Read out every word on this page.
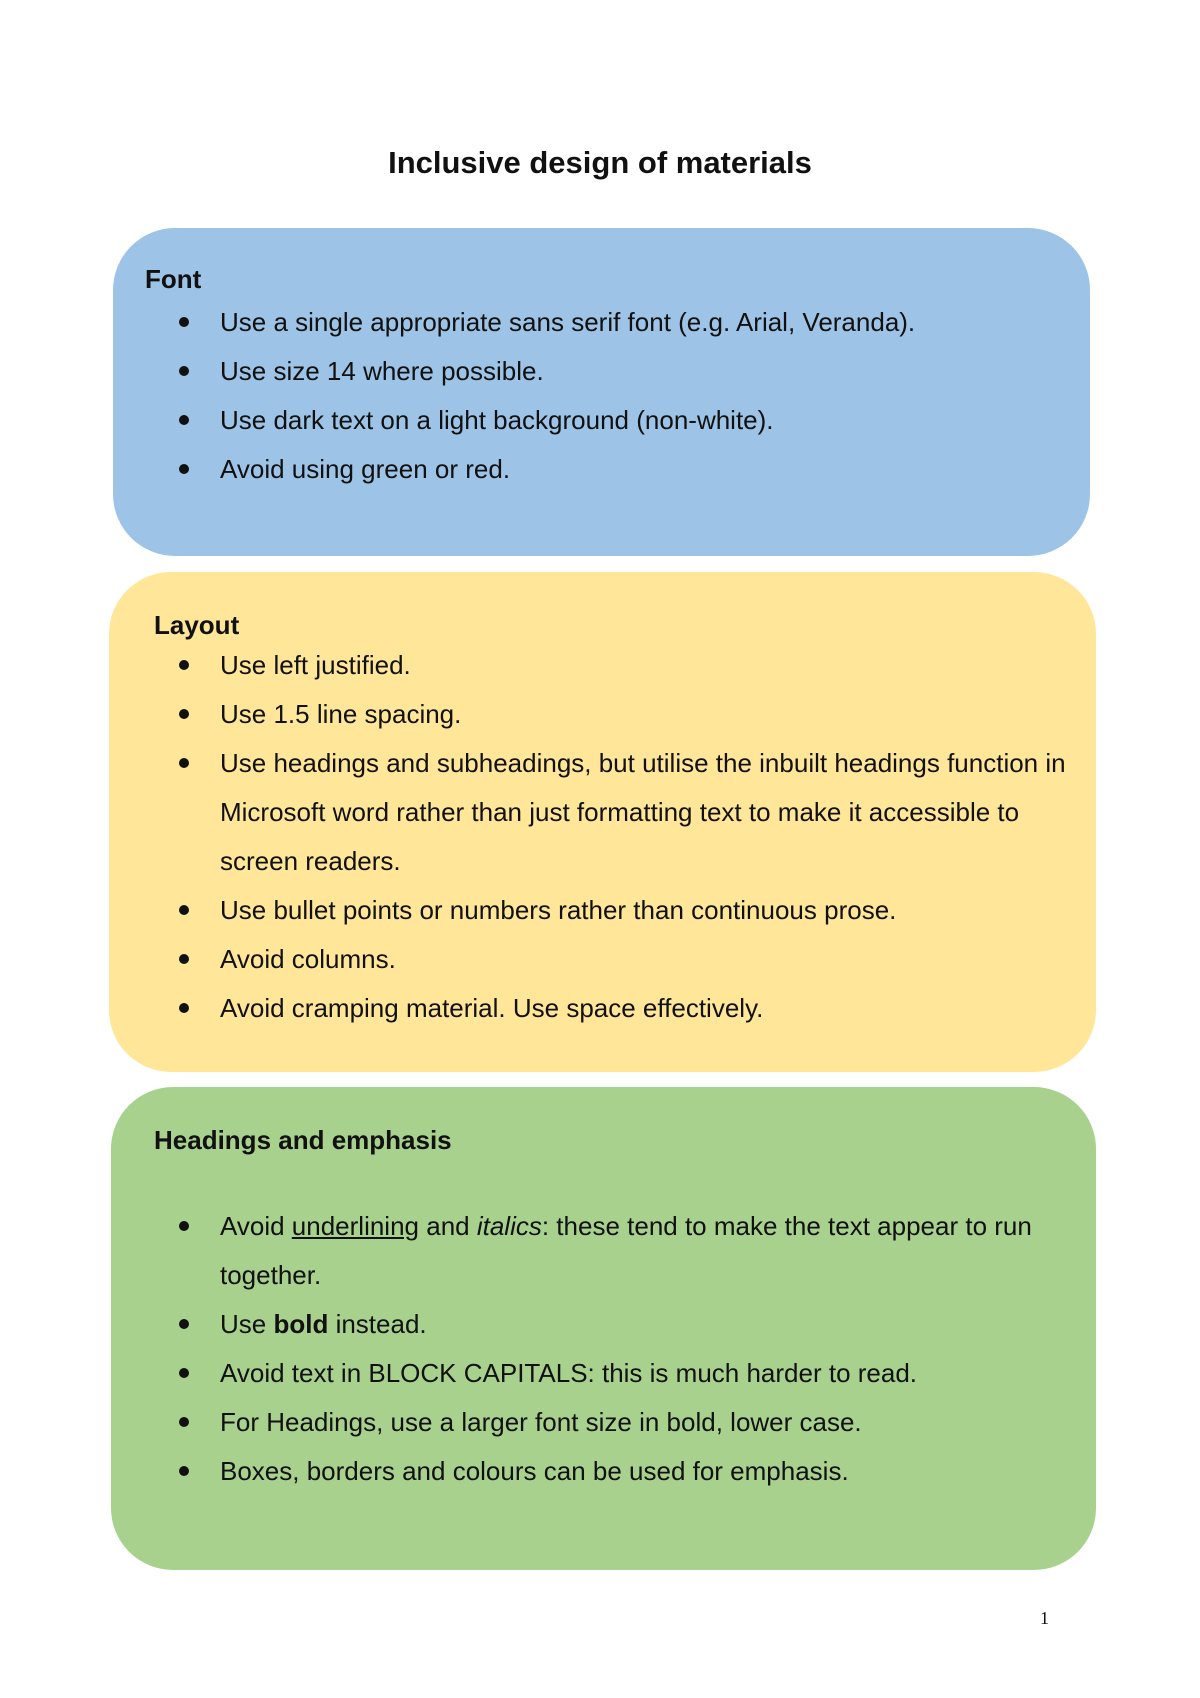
Inclusive design of materials
Font
Use a single appropriate sans serif font (e.g. Arial, Veranda).
Use size 14 where possible.
Use dark text on a light background (non-white).
Avoid using green or red.
Layout
Use left justified.
Use 1.5 line spacing.
Use headings and subheadings, but utilise the inbuilt headings function in Microsoft word rather than just formatting text to make it accessible to screen readers.
Use bullet points or numbers rather than continuous prose.
Avoid columns.
Avoid cramping material. Use space effectively.
Headings and emphasis
Avoid underlining and italics: these tend to make the text appear to run together.
Use bold instead.
Avoid text in BLOCK CAPITALS: this is much harder to read.
For Headings, use a larger font size in bold, lower case.
Boxes, borders and colours can be used for emphasis.
1
